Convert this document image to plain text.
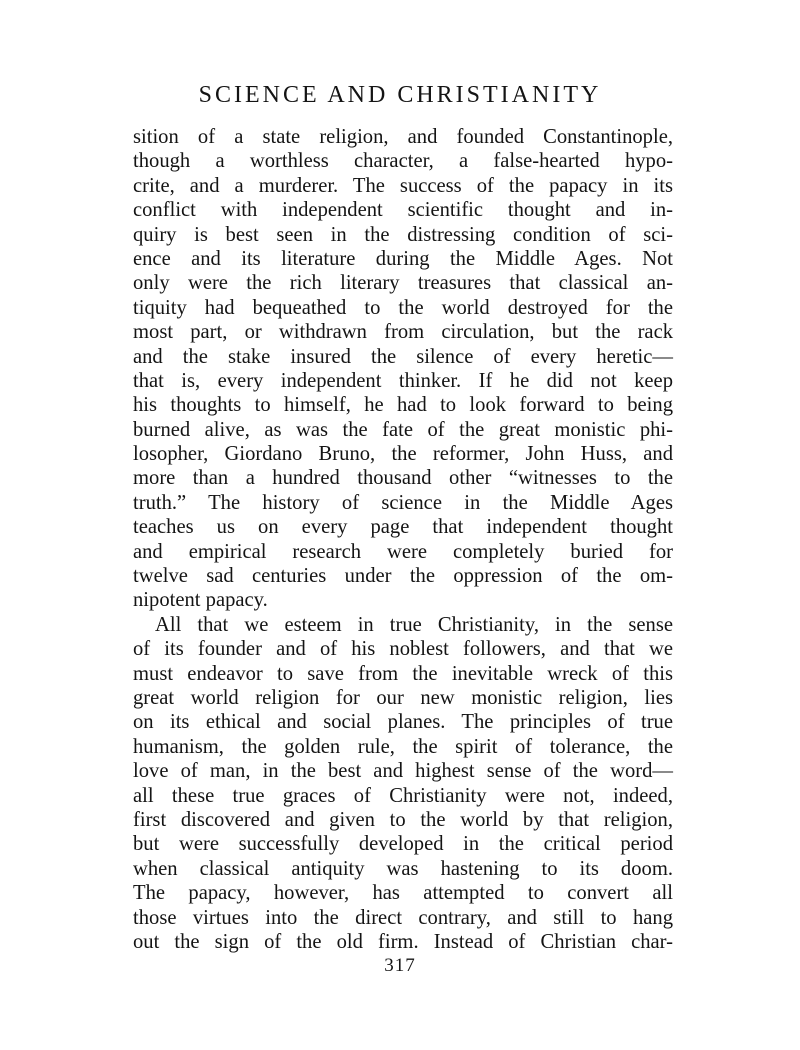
SCIENCE AND CHRISTIANITY
sition of a state religion, and founded Constantinople,
though a worthless character, a false-hearted hypo-
crite, and a murderer. The success of the papacy in its
conflict with independent scientific thought and in-
quiry is best seen in the distressing condition of sci-
ence and its literature during the Middle Ages. Not
only were the rich literary treasures that classical an-
tiquity had bequeathed to the world destroyed for the
most part, or withdrawn from circulation, but the rack
and the stake insured the silence of every heretic—
that is, every independent thinker. If he did not keep
his thoughts to himself, he had to look forward to being
burned alive, as was the fate of the great monistic phi-
losopher, Giordano Bruno, the reformer, John Huss, and
more than a hundred thousand other “witnesses to the
truth.” The history of science in the Middle Ages
teaches us on every page that independent thought
and empirical research were completely buried for
twelve sad centuries under the oppression of the om-
nipotent papacy.
All that we esteem in true Christianity, in the sense
of its founder and of his noblest followers, and that we
must endeavor to save from the inevitable wreck of this
great world religion for our new monistic religion, lies
on its ethical and social planes. The principles of true
humanism, the golden rule, the spirit of tolerance, the
love of man, in the best and highest sense of the word—
all these true graces of Christianity were not, indeed,
first discovered and given to the world by that religion,
but were successfully developed in the critical period
when classical antiquity was hastening to its doom.
The papacy, however, has attempted to convert all
those virtues into the direct contrary, and still to hang
out the sign of the old firm. Instead of Christian char-
317
